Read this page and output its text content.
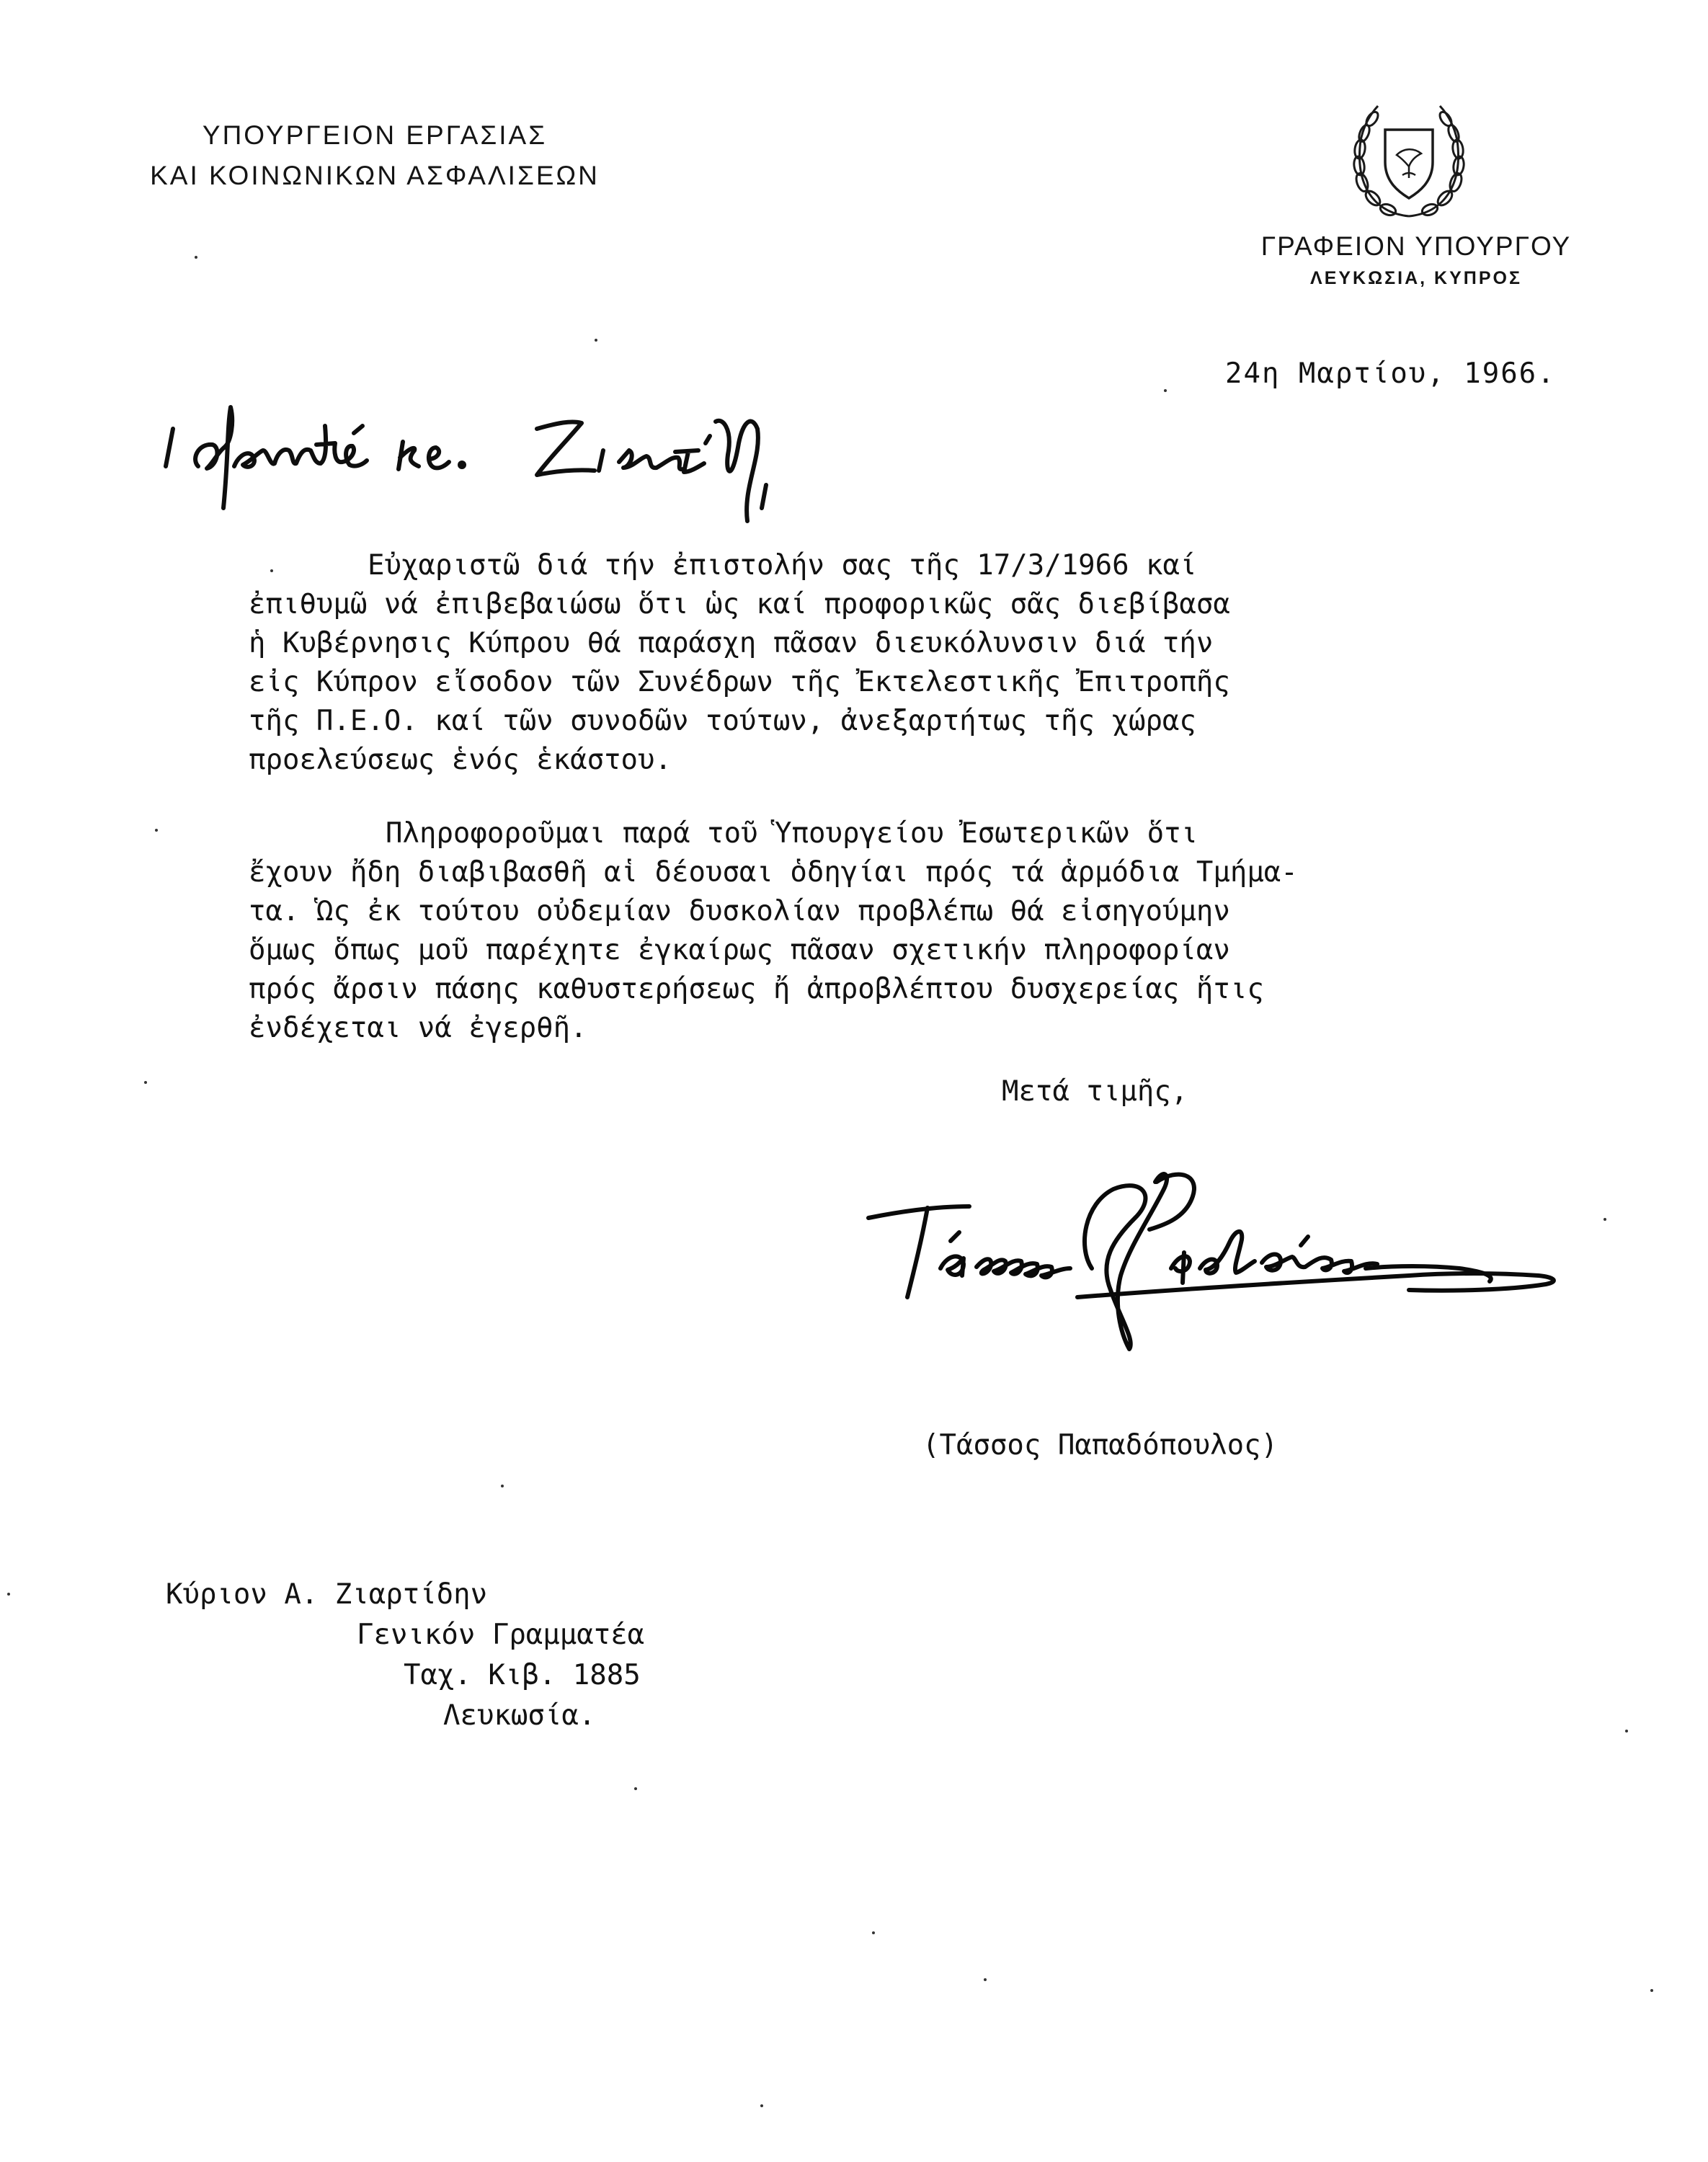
ΥΠΟΥΡΓΕΙΟΝ ΕΡΓΑΣΙΑΣ
ΚΑΙ ΚΟΙΝΩΝΙΚΩΝ ΑΣΦΑΛΙΣΕΩΝ
ΓΡΑΦΕΙΟΝ ΥΠΟΥΡΓΟΥ
ΛΕΥΚΩΣΙΑ, ΚΥΠΡΟΣ
24η Μαρτίου, 1966.
Εὐχαριστῶ διά τήν ἐπιστολήν σας τῆς 17/3/1966 καί
ἐπιθυμῶ νά ἐπιβεβαιώσω ὅτι ὡς καί προφορικῶς σᾶς διεβίβασα
ἡ Κυβέρνησις Κύπρου θά παράσχη πᾶσαν διευκόλυνσιν διά τήν
εἰς Κύπρον εἴσοδον τῶν Συνέδρων τῆς Ἐκτελεστικῆς Ἐπιτροπῆς
τῆς Π.Ε.Ο. καί τῶν συνοδῶν τούτων, ἀνεξαρτήτως τῆς χώρας
προελεύσεως ἑνός ἑκάστου.
Πληροφοροῦμαι παρά τοῦ Ὑπουργείου Ἐσωτερικῶν ὅτι
ἔχουν ἤδη διαβιβασθῆ αἱ δέουσαι ὁδηγίαι πρός τά ἁρμόδια Τμήμα-
τα. Ὡς ἐκ τούτου οὐδεμίαν δυσκολίαν προβλέπω θά εἰσηγούμην
ὅμως ὅπως μοῦ παρέχητε ἐγκαίρως πᾶσαν σχετικήν πληροφορίαν
πρός ἄρσιν πάσης καθυστερήσεως ἤ ἀπροβλέπτου δυσχερείας ἥτις
ἐνδέχεται νά ἐγερθῆ.
Μετά τιμῆς,
(Τάσσος Παπαδόπουλος)
Κύριον Α. Ζιαρτίδην
Γενικόν Γραμματέα
Ταχ. Κιβ. 1885
Λευκωσία.
